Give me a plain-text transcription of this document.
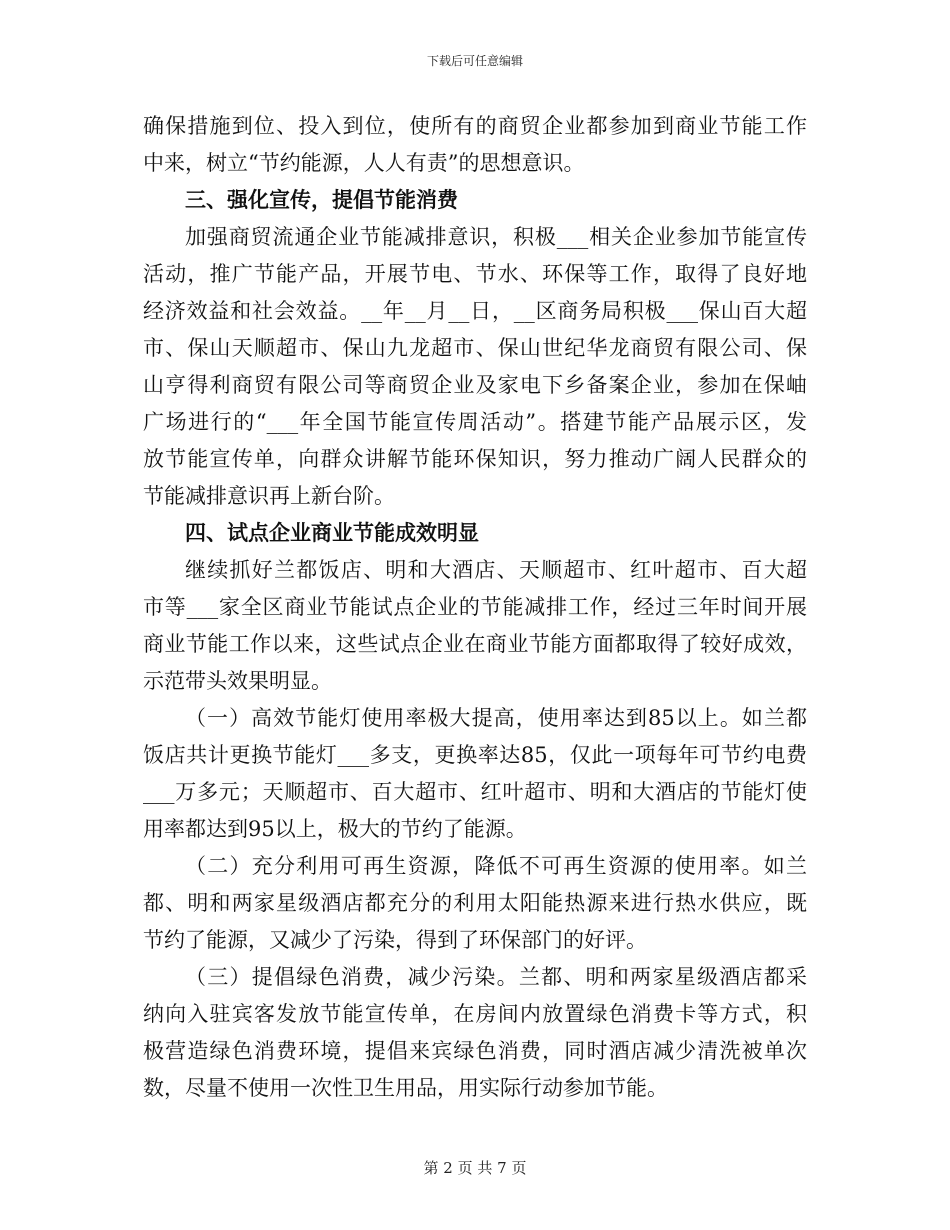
下载后可任意编辑
确保措施到位、投入到位，使所有的商贸企业都参加到商业节能工作
中来，树立“节约能源，人人有责”的思想意识。
三、强化宣传，提倡节能消费
加强商贸流通企业节能减排意识，积极___相关企业参加节能宣传
活动，推广节能产品，开展节电、节水、环保等工作，取得了良好地
经济效益和社会效益。__年__月__日，__区商务局积极___保山百大超
市、保山天顺超市、保山九龙超市、保山世纪华龙商贸有限公司、保
山亨得利商贸有限公司等商贸企业及家电下乡备案企业，参加在保岫
广场进行的“___年全国节能宣传周活动”。搭建节能产品展示区，发
放节能宣传单，向群众讲解节能环保知识，努力推动广阔人民群众的
节能减排意识再上新台阶。
四、试点企业商业节能成效明显
继续抓好兰都饭店、明和大酒店、天顺超市、红叶超市、百大超
市等___家全区商业节能试点企业的节能减排工作，经过三年时间开展
商业节能工作以来，这些试点企业在商业节能方面都取得了较好成效，
示范带头效果明显。
（一）高效节能灯使用率极大提高，使用率达到85以上。如兰都
饭店共计更换节能灯___多支，更换率达85，仅此一项每年可节约电费
___万多元；天顺超市、百大超市、红叶超市、明和大酒店的节能灯使
用率都达到95以上，极大的节约了能源。
（二）充分利用可再生资源，降低不可再生资源的使用率。如兰
都、明和两家星级酒店都充分的利用太阳能热源来进行热水供应，既
节约了能源，又减少了污染，得到了环保部门的好评。
（三）提倡绿色消费，减少污染。兰都、明和两家星级酒店都采
纳向入驻宾客发放节能宣传单，在房间内放置绿色消费卡等方式，积
极营造绿色消费环境，提倡来宾绿色消费，同时酒店减少清洗被单次
数，尽量不使用一次性卫生用品，用实际行动参加节能。
第 2 页 共 7 页
